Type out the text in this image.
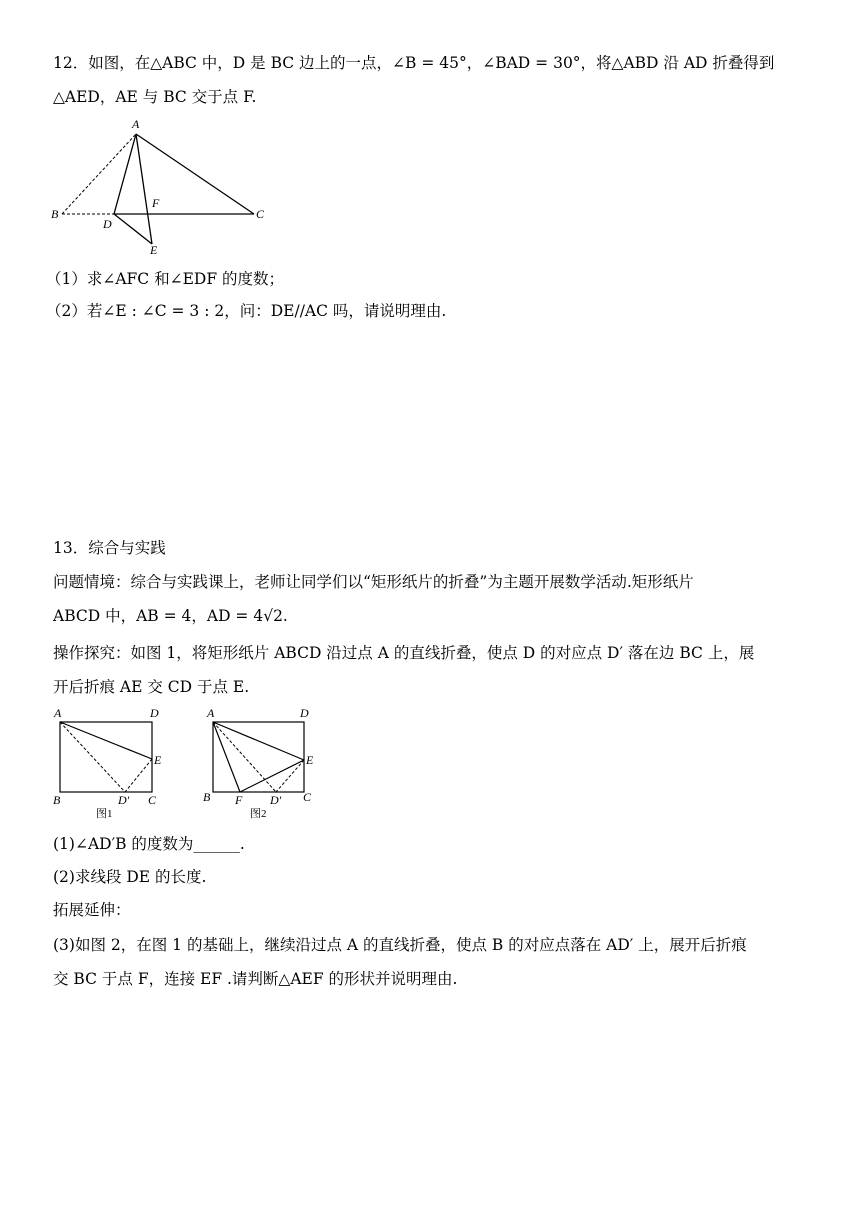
12．如图，在△ABC 中，D 是 BC 边上的一点，∠B = 45°，∠BAD = 30°，将△ABD 沿 AD 折叠得到
△AED，AE 与 BC 交于点 F.
A
B
D
F
C
E
（1）求∠AFC 和∠EDF 的度数；
（2）若∠E : ∠C = 3 : 2，问：DE//AC 吗，请说明理由.
13．综合与实践
问题情境：综合与实践课上，老师让同学们以“矩形纸片的折叠”为主题开展数学活动.矩形纸片
ABCD 中，AB = 4，AD = 4√2.
操作探究：如图 1，将矩形纸片 ABCD 沿过点 A 的直线折叠，使点 D 的对应点 D′ 落在边 BC 上，展
开后折痕 AE 交 CD 于点 E.
A	D
E
B	D′ C
图1
A	D
E
B F D′ C
图2
(1)∠AD′B 的度数为______.
(2)求线段 DE 的长度.
拓展延伸：
(3)如图 2，在图 1 的基础上，继续沿过点 A 的直线折叠，使点 B 的对应点落在 AD′ 上，展开后折痕
交 BC 于点 F，连接 EF .请判断△AEF 的形状并说明理由.
